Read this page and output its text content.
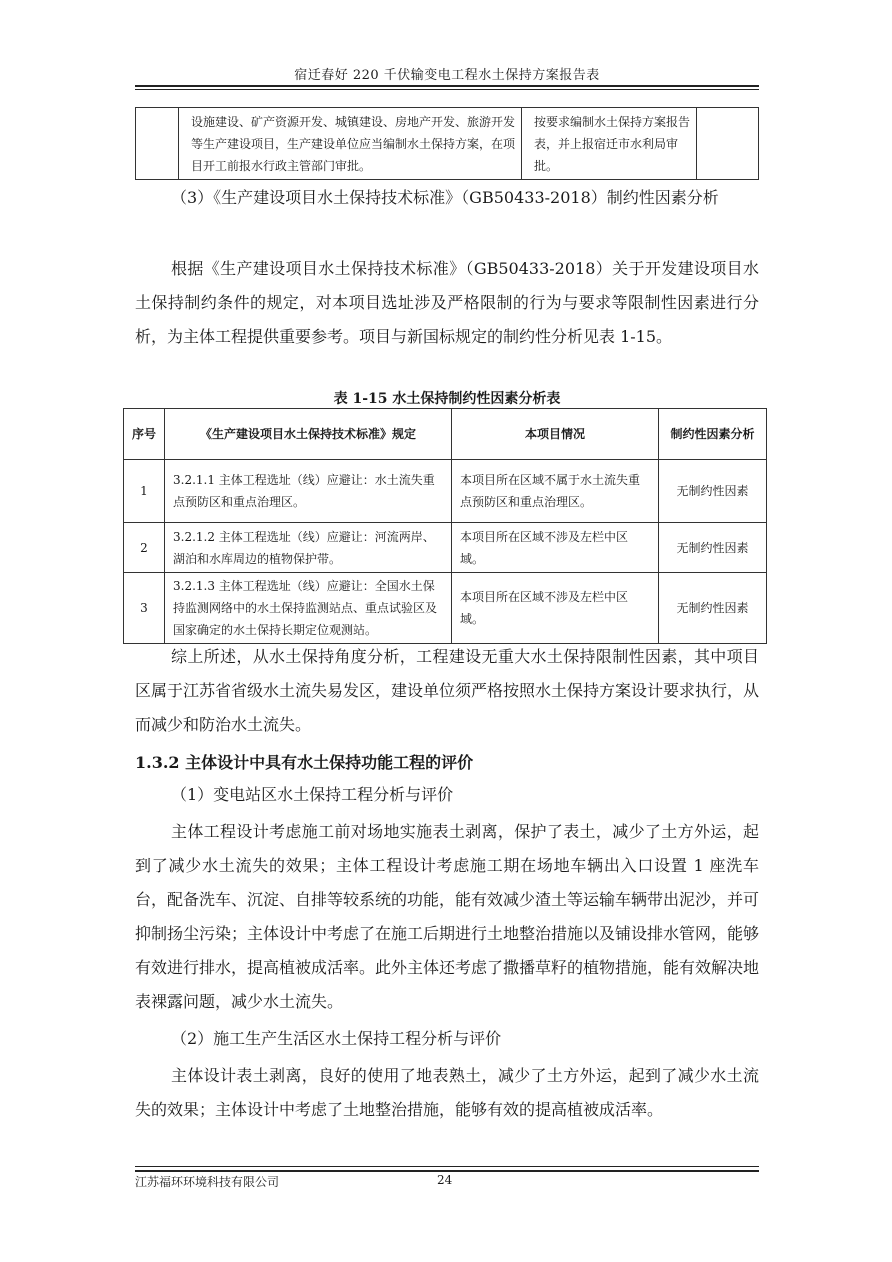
宿迁春好 220 千伏输变电工程水土保持方案报告表
	设施建设、矿产资源开发、城镇建设、房地产开发、旅游开发等生产建设项目，生产建设单位应当编制水土保持方案，在项目开工前报水行政主管部门审批。	按要求编制水土保持方案报告表，并上报宿迁市水利局审批。	

（3）《生产建设项目水土保持技术标准》（GB50433-2018）制约性因素分析

根据《生产建设项目水土保持技术标准》（GB50433-2018）关于开发建设项目水土保持制约条件的规定，对本项目选址涉及严格限制的行为与要求等限制性因素进行分析，为主体工程提供重要参考。项目与新国标规定的制约性分析见表 1-15。

表 1-15 水土保持制约性因素分析表
序号	《生产建设项目水土保持技术标准》规定	本项目情况	制约性因素分析
1	3.2.1.1 主体工程选址（线）应避让：水土流失重点预防区和重点治理区。	本项目所在区域不属于水土流失重点预防区和重点治理区。	无制约性因素
2	3.2.1.2 主体工程选址（线）应避让：河流两岸、湖泊和水库周边的植物保护带。	本项目所在区域不涉及左栏中区域。	无制约性因素
3	3.2.1.3 主体工程选址（线）应避让：全国水土保持监测网络中的水土保持监测站点、重点试验区及国家确定的水土保持长期定位观测站。	本项目所在区域不涉及左栏中区域。	无制约性因素

综上所述，从水土保持角度分析，工程建设无重大水土保持限制性因素，其中项目区属于江苏省省级水土流失易发区，建设单位须严格按照水土保持方案设计要求执行，从而减少和防治水土流失。

1.3.2 主体设计中具有水土保持功能工程的评价

（1）变电站区水土保持工程分析与评价

主体工程设计考虑施工前对场地实施表土剥离，保护了表土，减少了土方外运，起到了减少水土流失的效果；主体工程设计考虑施工期在场地车辆出入口设置 1 座洗车台，配备洗车、沉淀、自排等较系统的功能，能有效减少渣土等运输车辆带出泥沙，并可抑制扬尘污染；主体设计中考虑了在施工后期进行土地整治措施以及铺设排水管网，能够有效进行排水，提高植被成活率。此外主体还考虑了撒播草籽的植物措施，能有效解决地表裸露问题，减少水土流失。

（2）施工生产生活区水土保持工程分析与评价

主体设计表土剥离，良好的使用了地表熟土，减少了土方外运，起到了减少水土流失的效果；主体设计中考虑了土地整治措施，能够有效的提高植被成活率。

江苏福环环境科技有限公司	24
